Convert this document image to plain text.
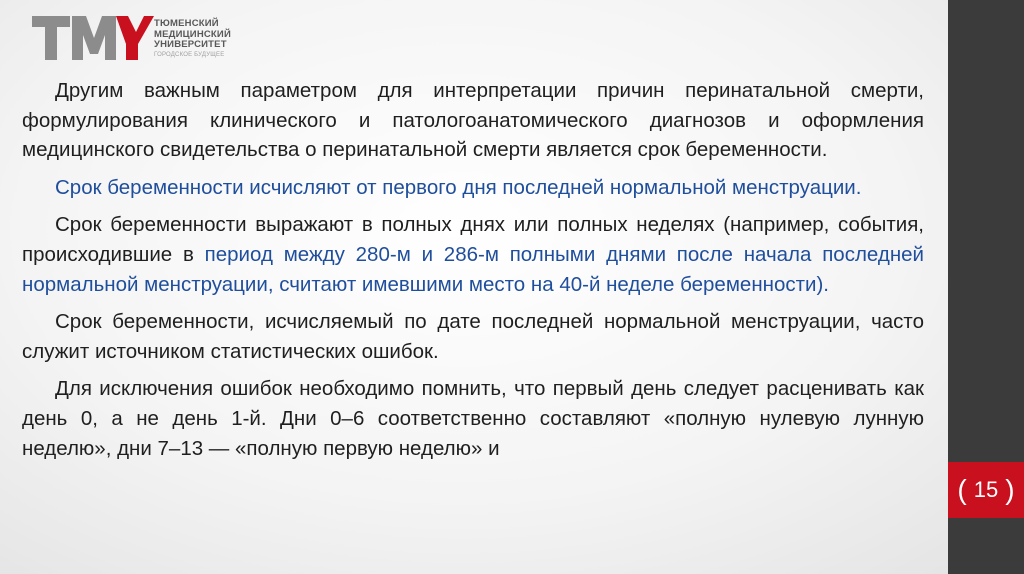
ТЮМЕНСКИЙ
МЕДИЦИНСКИЙ
УНИВЕРСИТЕТ
ГОРОДСКОЕ БУДУЩЕЕ

Другим важным параметром для интерпретации причин перинатальной смерти, формулирования клинического и патологоанатомического диагнозов и оформления медицинского свидетельства о перинатальной смерти является срок беременности.

Срок беременности исчисляют от первого дня последней нормальной менструации.

Срок беременности выражают в полных днях или полных неделях (например, события, происходившие в период между 280-м и 286-м полными днями после начала последней нормальной менструации, считают имевшими место на 40-й неделе беременности).

Срок беременности, исчисляемый по дате последней нормальной менструации, часто служит источником статистических ошибок.

Для исключения ошибок необходимо помнить, что первый день следует расценивать как день 0, а не день 1-й. Дни 0–6 соответственно составляют «полную нулевую лунную неделю», дни 7–13 — «полную первую неделю» и

( 15 )
